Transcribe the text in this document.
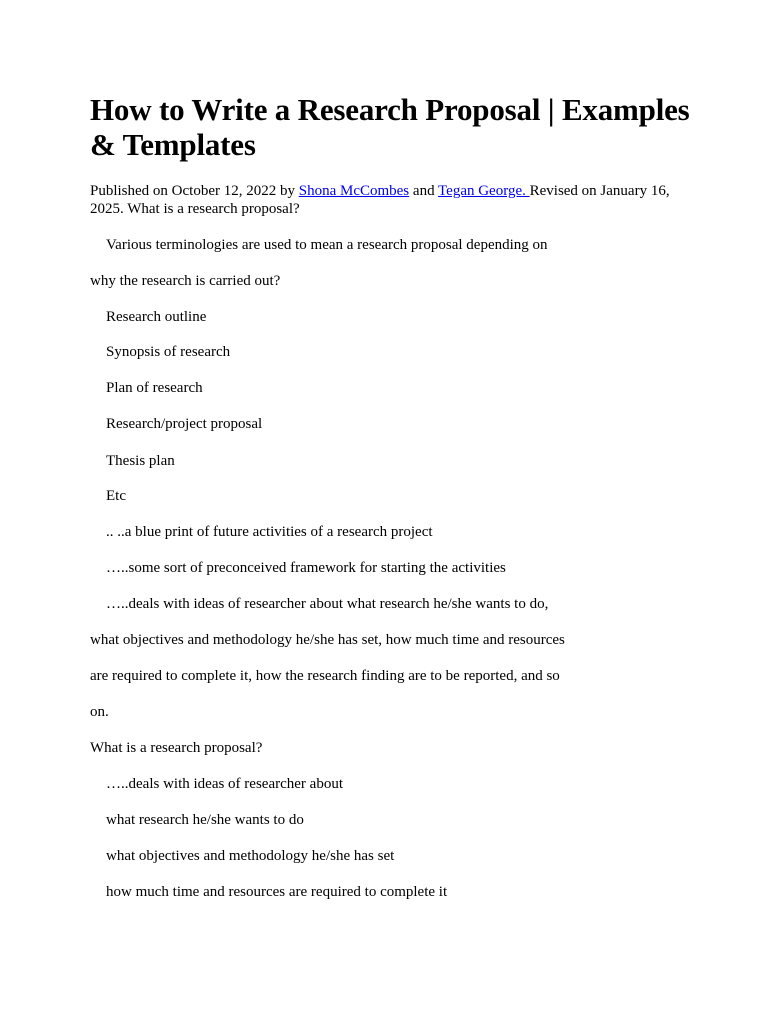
How to Write a Research Proposal | Examples & Templates

Published on October 12, 2022 by Shona McCombes and Tegan George. Revised on January 16, 2025. What is a research proposal?

Various terminologies are used to mean a research proposal depending on

why the research is carried out?

Research outline

Synopsis of research

Plan of research

Research/project proposal

Thesis plan

Etc

.. ..a blue print of future activities of a research project

…..some sort of preconceived framework for starting the activities

…..deals with ideas of researcher about what research he/she wants to do,

what objectives and methodology he/she has set, how much time and resources

are required to complete it, how the research finding are to be reported, and so

on.

What is a research proposal?

…..deals with ideas of researcher about

what research he/she wants to do

what objectives and methodology he/she has set

how much time and resources are required to complete it
